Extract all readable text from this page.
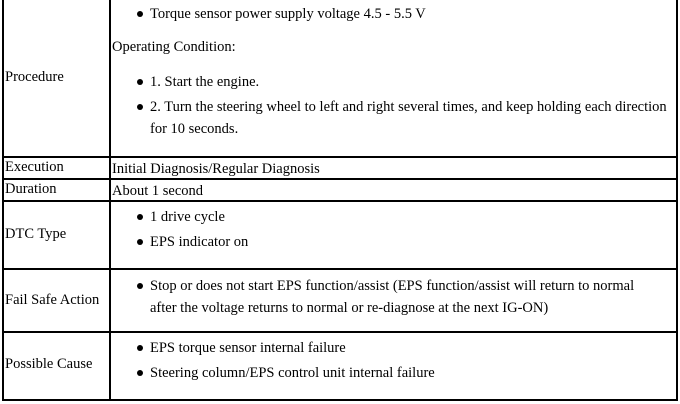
Procedure
Torque sensor power supply voltage 4.5 - 5.5 V
Operating Condition:
1. Start the engine.
2. Turn the steering wheel to left and right several times, and keep holding each direction for 10 seconds.
Execution	Initial Diagnosis/Regular Diagnosis
Duration	About 1 second
DTC Type
1 drive cycle
EPS indicator on
Fail Safe Action
Stop or does not start EPS function/assist (EPS function/assist will return to normal after the voltage returns to normal or re-diagnose at the next IG-ON)
Possible Cause
EPS torque sensor internal failure
Steering column/EPS control unit internal failure
